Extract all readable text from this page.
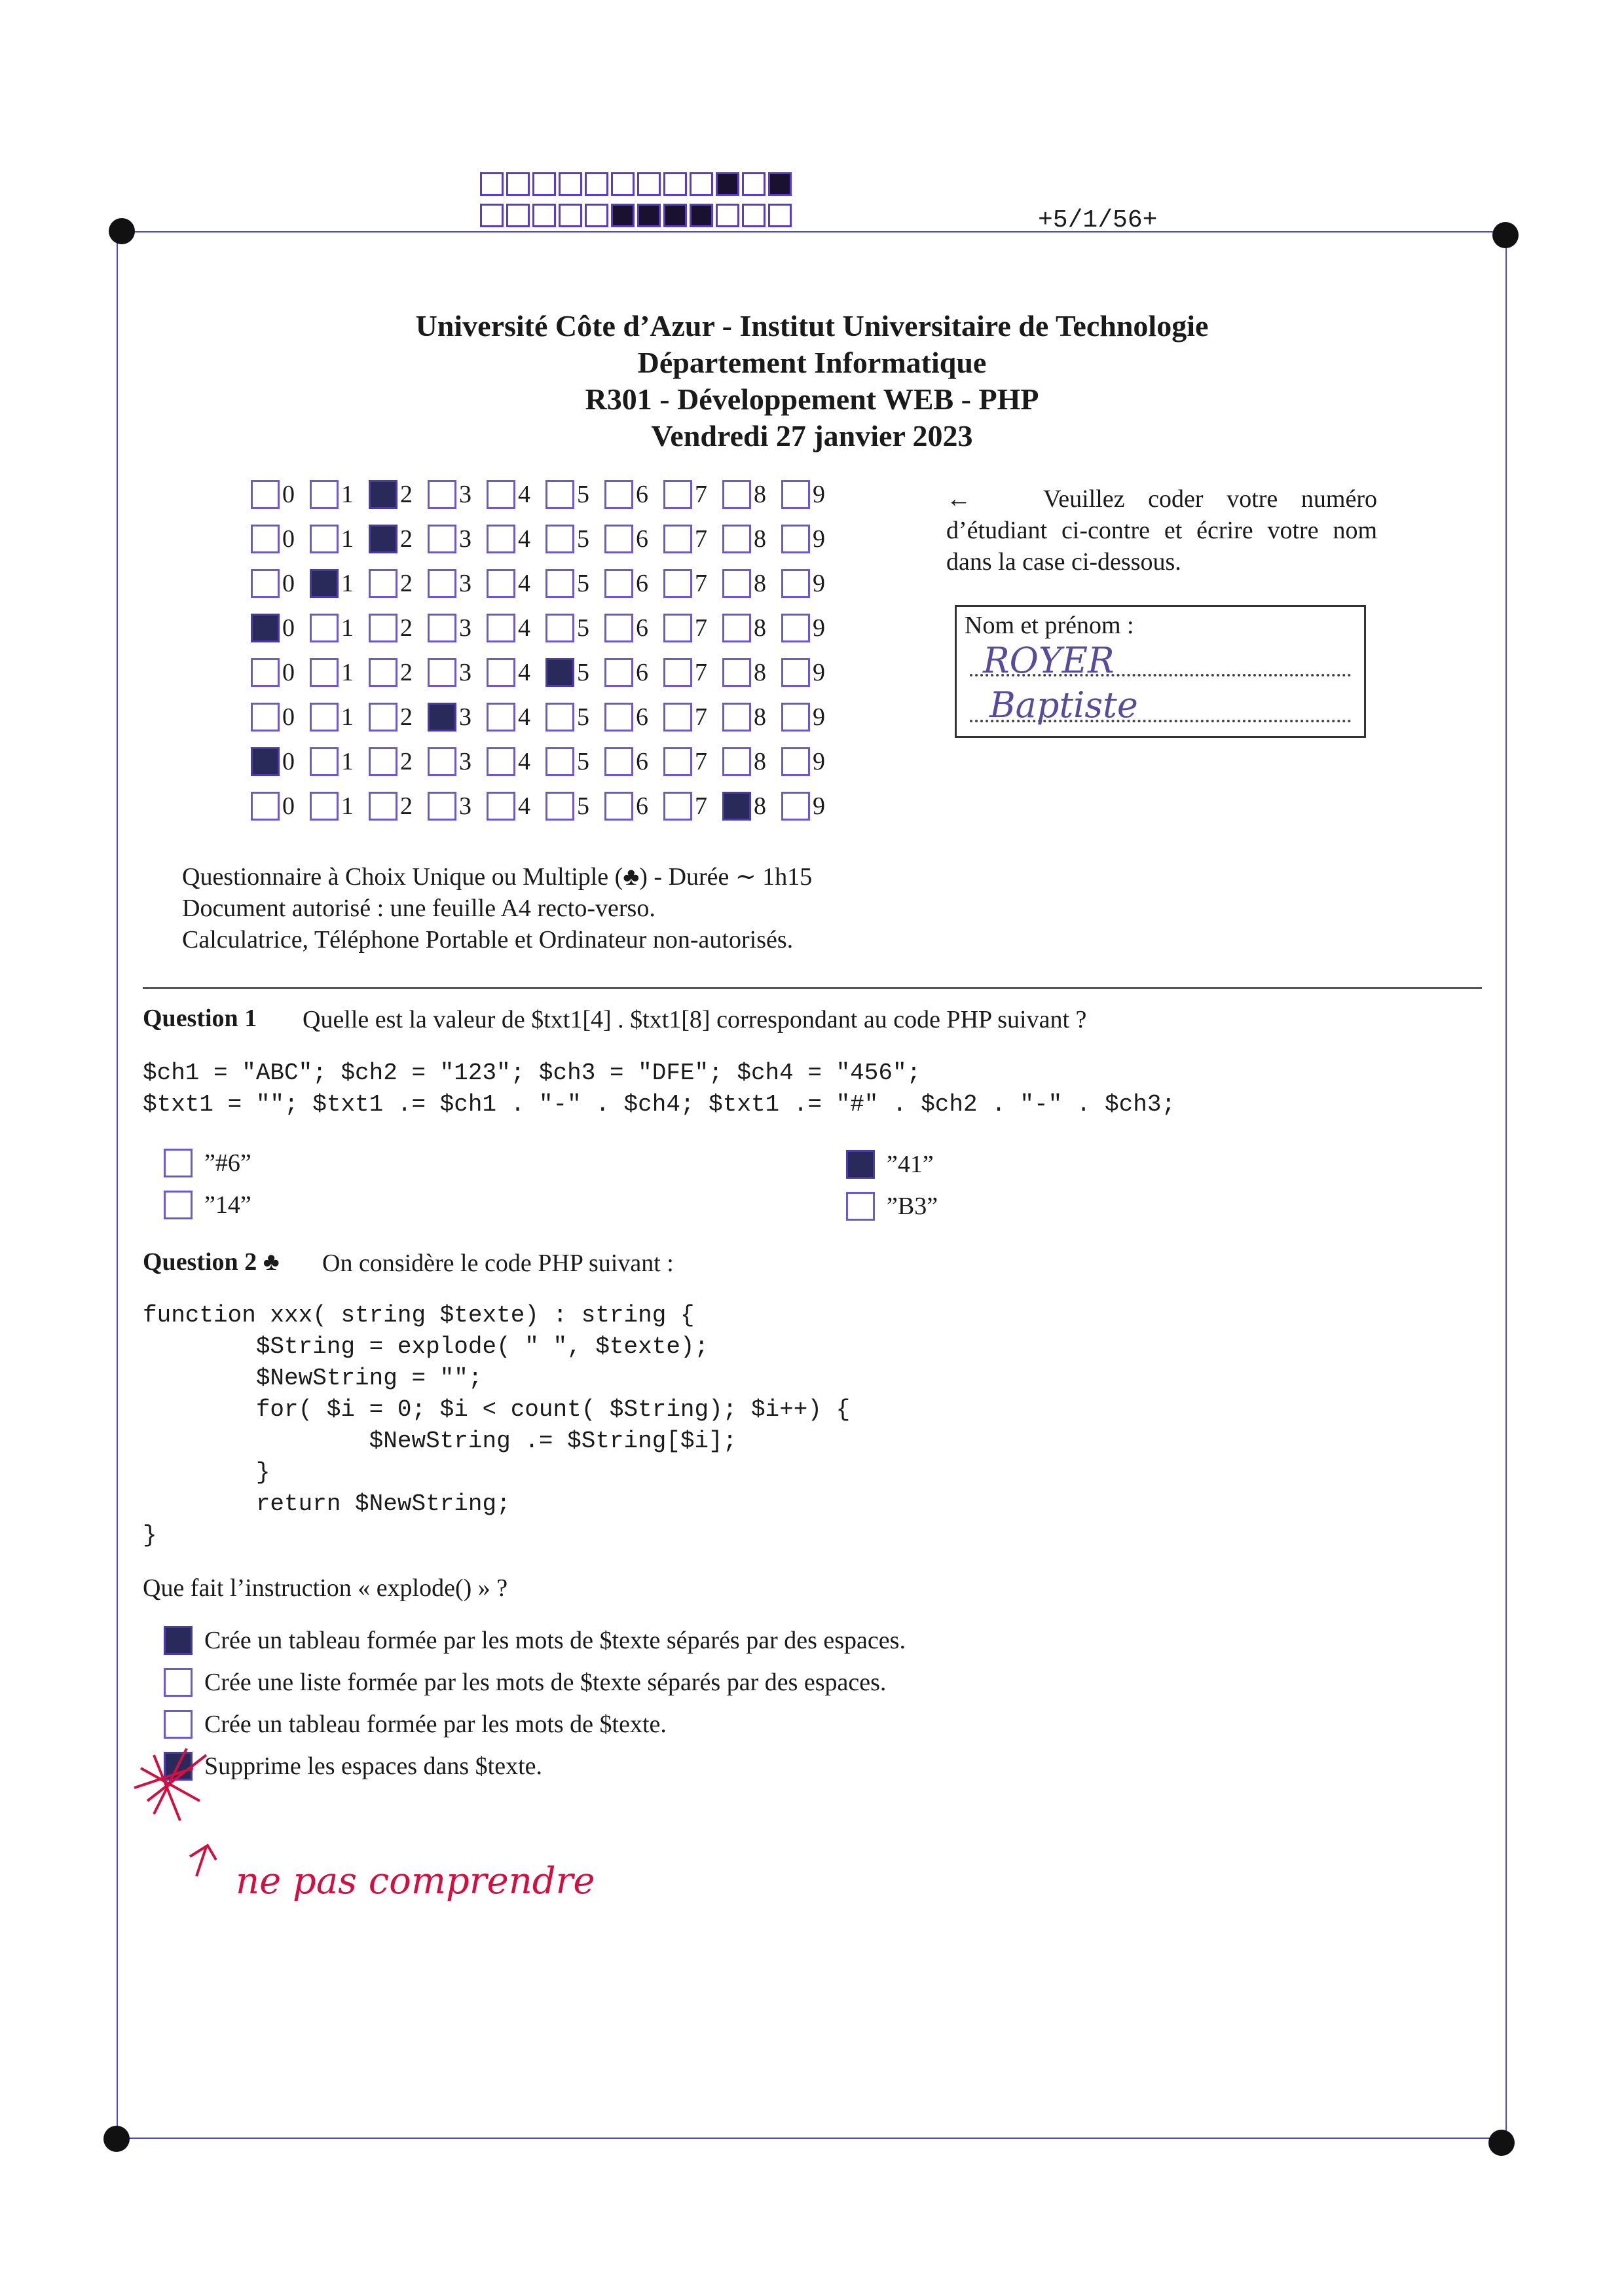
+5/1/56+
Université Côte d’Azur - Institut Universitaire de Technologie
Département Informatique
R301 - Développement WEB - PHP
Vendredi 27 janvier 2023
0 1 2 3 4 5 6 7 8 9
0 1 2 3 4 5 6 7 8 9
0 1 2 3 4 5 6 7 8 9
0 1 2 3 4 5 6 7 8 9
0 1 2 3 4 5 6 7 8 9
0 1 2 3 4 5 6 7 8 9
0 1 2 3 4 5 6 7 8 9
0 1 2 3 4 5 6 7 8 9
←	Veuillez coder votre numéro d’étudiant ci-contre et écrire votre nom dans la case ci-dessous.
Nom et prénom :
ROYER
Baptiste
Questionnaire à Choix Unique ou Multiple (♣) - Durée ∼ 1h15
Document autorisé : une feuille A4 recto-verso.
Calculatrice, Téléphone Portable et Ordinateur non-autorisés.
Question 1 Quelle est la valeur de $txt1[4] . $txt1[8] correspondant au code PHP suivant ?
$ch1 = "ABC"; $ch2 = "123"; $ch3 = "DFE"; $ch4 = "456";
$txt1 = ""; $txt1 .= $ch1 . "-" . $ch4; $txt1 .= "#" . $ch2 . "-" . $ch3;
”#6”
”14”
”41”
”B3”
Question 2 ♣ On considère le code PHP suivant :
function xxx( string $texte) : string {
$String = explode( " ", $texte);
$NewString = "";
for( $i = 0; $i < count( $String); $i++) {
$NewString .= $String[$i];
}
return $NewString;
}
Que fait l’instruction « explode() » ?
Crée un tableau formée par les mots de $texte séparés par des espaces.
Crée une liste formée par les mots de $texte séparés par des espaces.
Crée un tableau formée par les mots de $texte.
Supprime les espaces dans $texte.
ne pas comprendre
